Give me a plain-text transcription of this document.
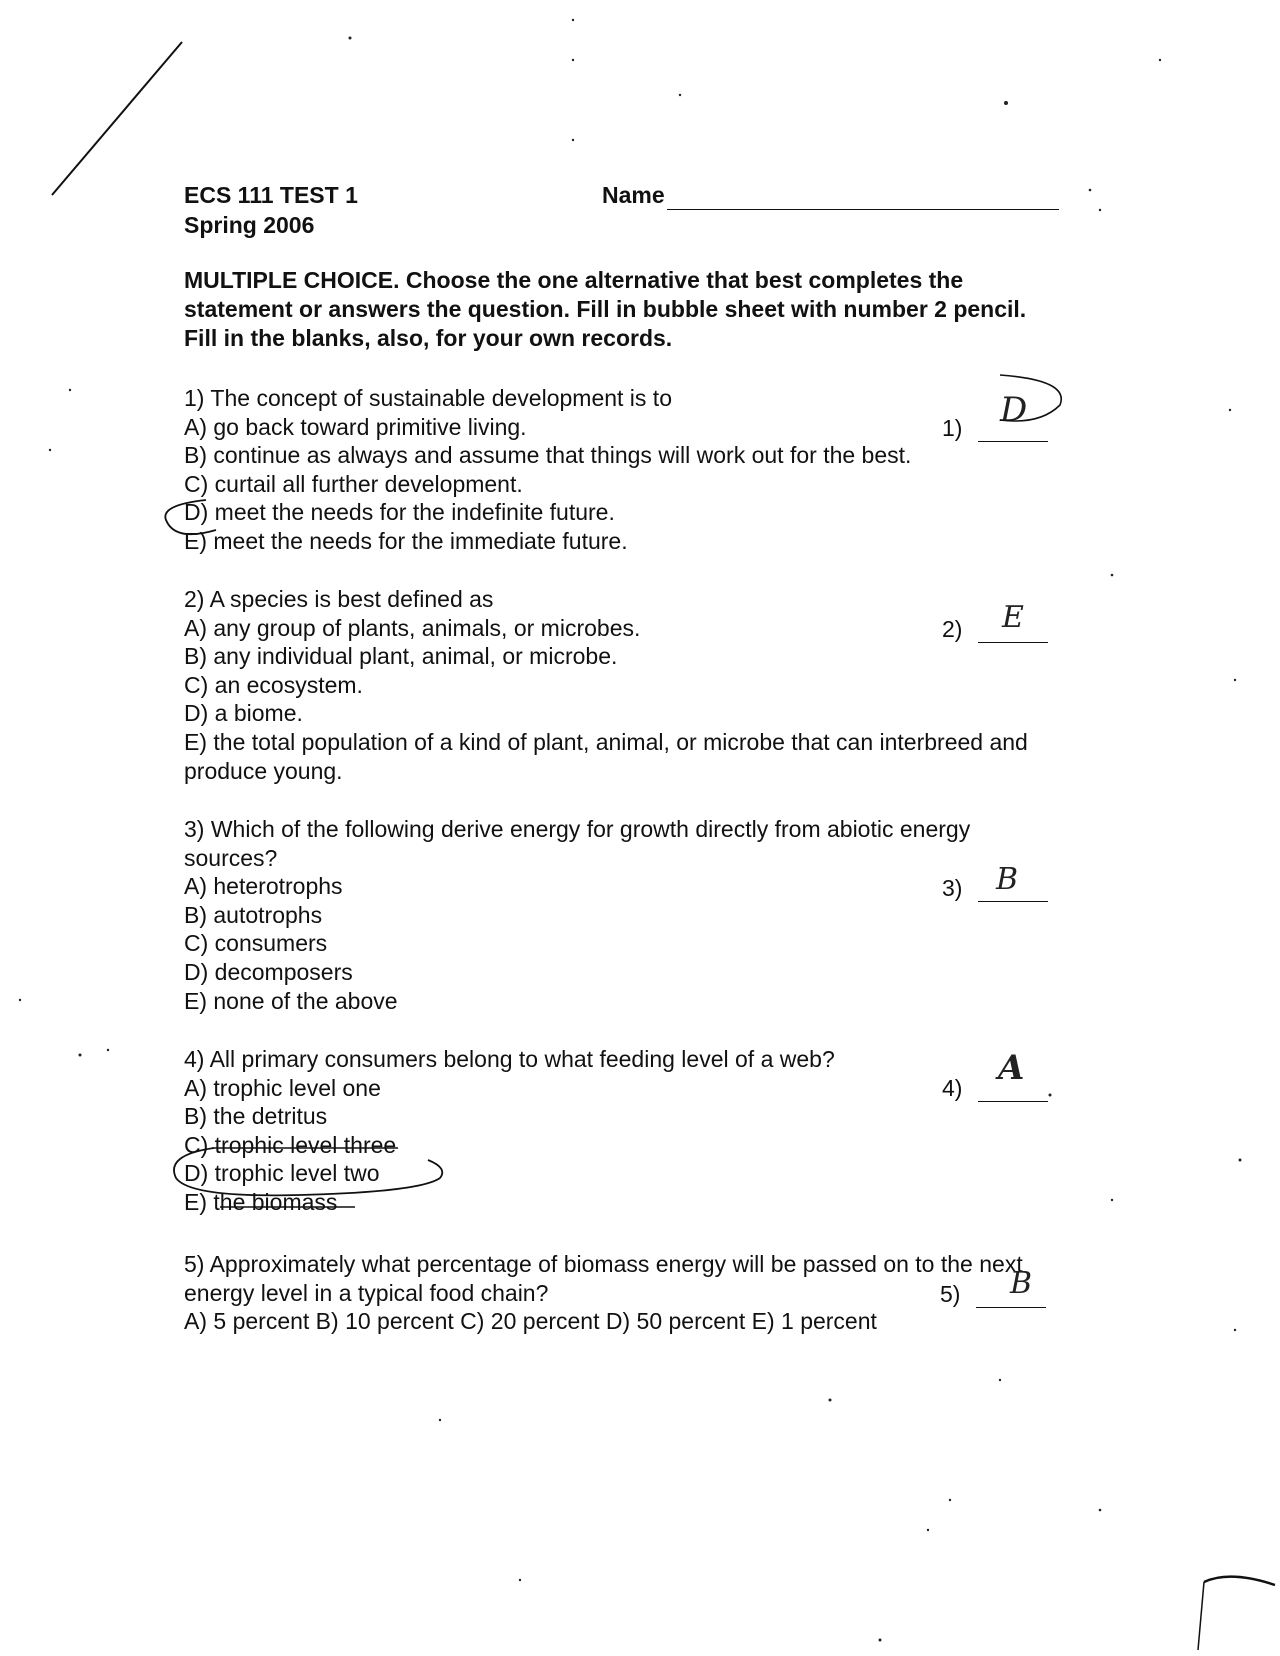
ECS 111 TEST 1
Spring 2006
Name
MULTIPLE CHOICE. Choose the one alternative that best completes the statement or answers the question. Fill in bubble sheet with number 2 pencil. Fill in the blanks, also, for your own records.

1) The concept of sustainable development is to

A) go back toward primitive living.

B) continue as always and assume that things will work out for the best.

C) curtail all further development.

D) meet the needs for the indefinite future.

E) meet the needs for the immediate future.

1) D

2) A species is best defined as

A) any group of plants, animals, or microbes.

B) any individual plant, animal, or microbe.

C) an ecosystem.

D) a biome.

E) the total population of a kind of plant, animal, or microbe that can interbreed and produce young.

2) E

3) Which of the following derive energy for growth directly from abiotic energy sources?

A) heterotrophs

B) autotrophs

C) consumers

D) decomposers

E) none of the above

3) B

4) All primary consumers belong to what feeding level of a web?

A) trophic level one

B) the detritus

C) trophic level three

D) trophic level two

E) the biomass

4) A

5) Approximately what percentage of biomass energy will be passed on to the next energy level in a typical food chain?

A) 5 percent B) 10 percent C) 20 percent D) 50 percent E) 1 percent

5) B
